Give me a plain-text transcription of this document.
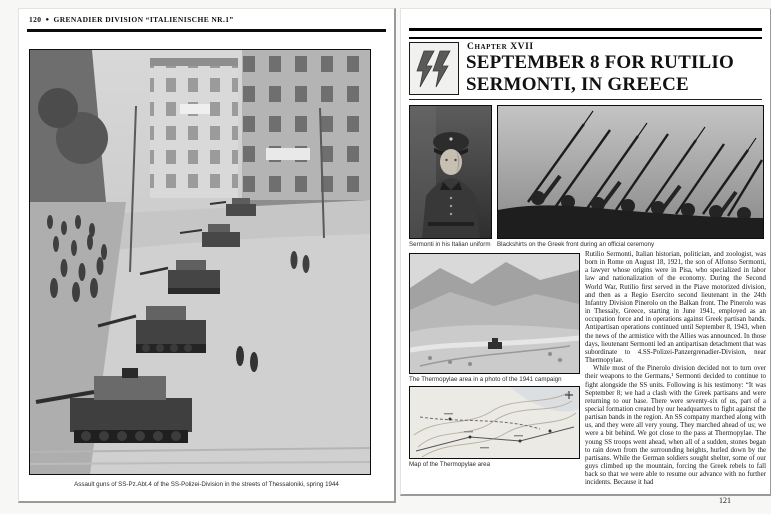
120 ● GRENADIER DIVISION “ITALIENISCHE NR.1”
Assault guns of SS-Pz.Abt.4 of the SS-Polizei-Division in the streets of Thessaloniki, spring 1944
Chapter XVII
SEPTEMBER 8 FOR RUTILIO SERMONTI, IN GREECE
Sermonti in his Italian uniform	Blackshirts on the Greek front during an official ceremony
The Thermopylae area in a photo of the 1941 campaign
Map of the Thermopylae area

Rutilio Sermonti, Italian historian, politician, and zoologist, was born in Rome on August 18, 1921, the son of Alfonso Sermonti, a lawyer whose origins were in Pisa, who specialized in labor law and nationalization of the economy. During the Second World War, Rutilio first served in the Piave motorized division, and then as a Regio Esercito second lieutenant in the 24th Infantry Division Pinerolo on the Balkan front. The Pinerolo was in Thessaly, Greece, starting in June 1941, employed as an occupation force and in operations against Greek partisan bands. Antipartisan operations continued until September 8, 1943, when the news of the armistice with the Allies was announced. In those days, lieutenant Sermonti led an antipartisan detachment that was subordinate to 4.SS-Polizei-Panzergrenadier-Division, near Thermopylae.

While most of the Pinerolo division decided not to turn over their weapons to the Germans,¹ Sermonti decided to continue to fight alongside the SS units. Following is his testimony: “It was September 8; we had a clash with the Greek partisans and were returning to our base. There were seventy-six of us, part of a special formation created by our headquarters to fight against the partisan bands in the region. An SS company marched along with us, and they were all very young. They marched ahead of us; we were a bit behind. We got close to the pass at Thermopylae. The young SS troops went ahead, when all of a sudden, stones began to rain down from the surrounding heights, hurled down by the partisans. While the German soldiers sought shelter, some of our guys climbed up the mountain, forcing the Greek rebels to fall back so that we were able to resume our advance with no further incidents. Because it had

121
